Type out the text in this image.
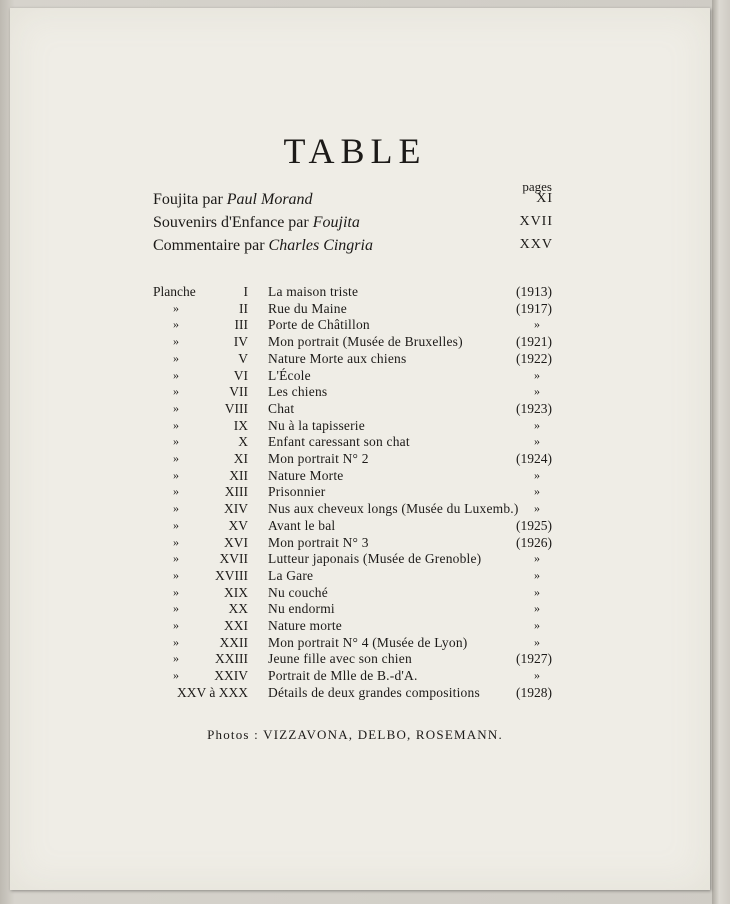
TABLE
pages
Foujita par Paul Morand	XI
Souvenirs d'Enfance par Foujita	XVII
Commentaire par Charles Cingria	XXV
Planche	I La maison triste	(1913)
»	II Rue du Maine	(1917)
»	III Porte de Châtillon	»
»	IV Mon portrait (Musée de Bruxelles)	(1921)
»	V Nature Morte aux chiens	(1922)
»	VI L'École	»
»	VII Les chiens	»
»	VIII Chat	(1923)
»	IX Nu à la tapisserie	»
»	X Enfant caressant son chat	»
»	XI Mon portrait N° 2	(1924)
»	XII Nature Morte	»
»	XIII Prisonnier	»
»	XIV Nus aux cheveux longs (Musée du Luxemb.) »
»	XV Avant le bal	(1925)
»	XVI Mon portrait N° 3	(1926)
»	XVII Lutteur japonais (Musée de Grenoble)	»
»	XVIII La Gare	»
»	XIX Nu couché	»
»	XX Nu endormi	»
»	XXI Nature morte	»
»	XXII Mon portrait N° 4 (Musée de Lyon)	»
»	XXIII Jeune fille avec son chien	(1927)
»	XXIV Portrait de Mlle de B.-d'A.	»
XXV à XXX Détails de deux grandes compositions	(1928)
Photos : VIZZAVONA, DELBO, ROSEMANN.
